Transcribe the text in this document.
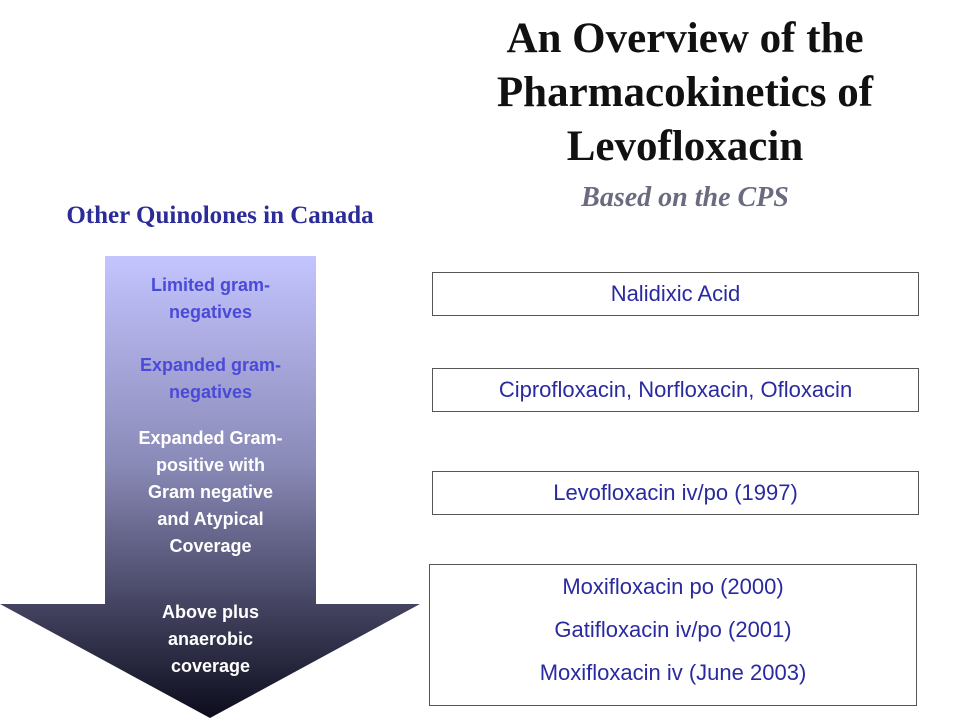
An Overview of the
Pharmacokinetics of
Levofloxacin
Based on the CPS
Other Quinolones in Canada
Limited gram-
negatives
Expanded gram-
negatives
Expanded Gram-
positive with
Gram negative
and Atypical
Coverage
Above plus
anaerobic
coverage
Nalidixic Acid
Ciprofloxacin, Norfloxacin, Ofloxacin
Levofloxacin iv/po (1997)
Moxifloxacin po (2000)
Gatifloxacin iv/po (2001)
Moxifloxacin iv (June 2003)
